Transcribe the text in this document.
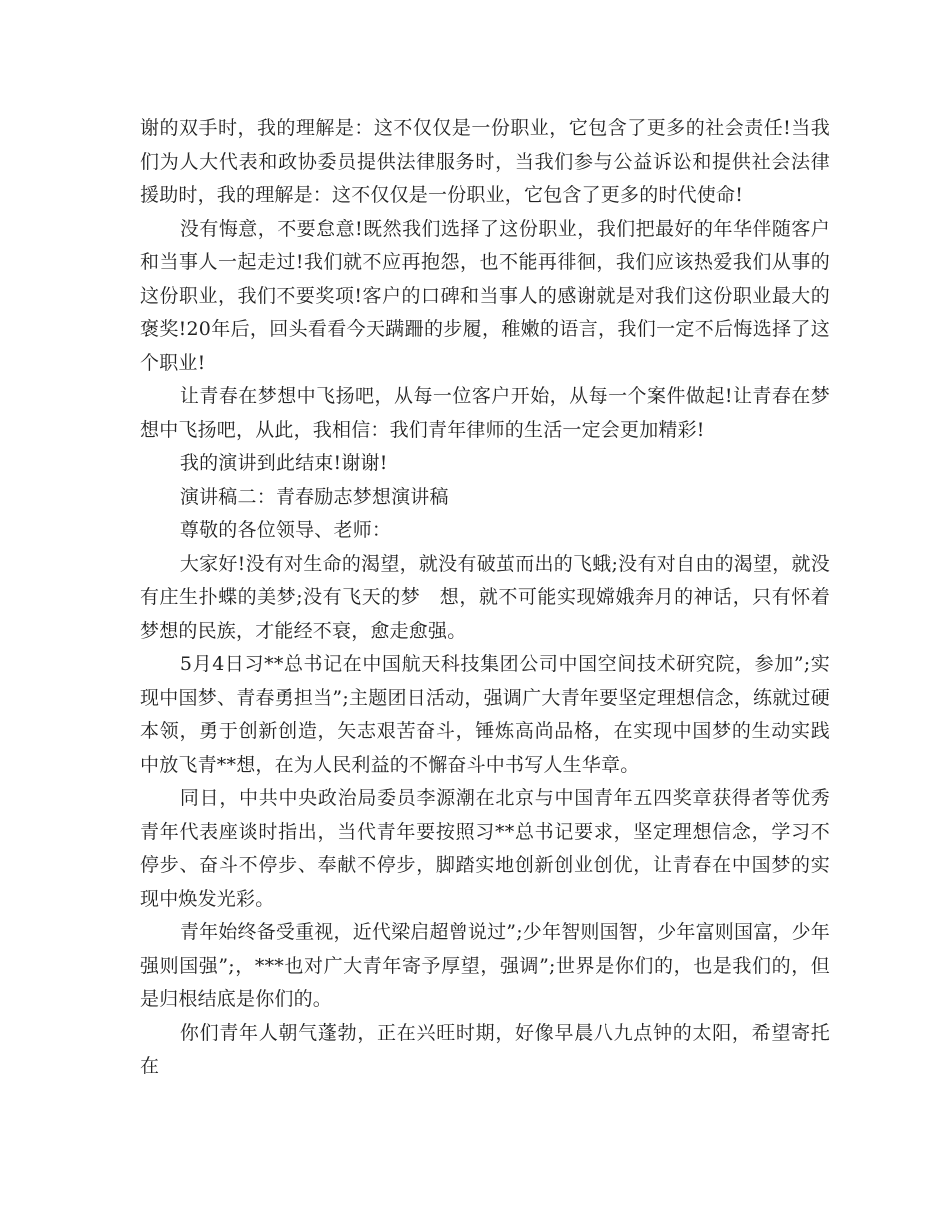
谢的双手时，我的理解是：这不仅仅是一份职业，它包含了更多的社会责任!当我们为人大代表和政协委员提供法律服务时，当我们参与公益诉讼和提供社会法律援助时，我的理解是：这不仅仅是一份职业，它包含了更多的时代使命!

没有悔意，不要怠意!既然我们选择了这份职业，我们把最好的年华伴随客户和当事人一起走过!我们就不应再抱怨，也不能再徘徊，我们应该热爱我们从事的这份职业，我们不要奖项!客户的口碑和当事人的感谢就是对我们这份职业最大的褒奖!20年后，回头看看今天蹒跚的步履，稚嫩的语言，我们一定不后悔选择了这个职业!

让青春在梦想中飞扬吧，从每一位客户开始，从每一个案件做起!让青春在梦想中飞扬吧，从此，我相信：我们青年律师的生活一定会更加精彩!

我的演讲到此结束!谢谢!

演讲稿二：青春励志梦想演讲稿

尊敬的各位领导、老师：

大家好!没有对生命的渴望，就没有破茧而出的飞蛾;没有对自由的渴望，就没有庄生扑蝶的美梦;没有飞天的梦　想，就不可能实现嫦娥奔月的神话，只有怀着梦想的民族，才能经不衰，愈走愈强。

5月4日习**总书记在中国航天科技集团公司中国空间技术研究院，参加”;实现中国梦、青春勇担当”;主题团日活动，强调广大青年要坚定理想信念，练就过硬本领，勇于创新创造，矢志艰苦奋斗，锤炼高尚品格，在实现中国梦的生动实践中放飞青**想，在为人民利益的不懈奋斗中书写人生华章。

同日，中共中央政治局委员李源潮在北京与中国青年五四奖章获得者等优秀青年代表座谈时指出，当代青年要按照习**总书记要求，坚定理想信念，学习不停步、奋斗不停步、奉献不停步，脚踏实地创新创业创优，让青春在中国梦的实现中焕发光彩。

青年始终备受重视，近代梁启超曾说过”;少年智则国智，少年富则国富，少年强则国强”;，***也对广大青年寄予厚望，强调”;世界是你们的，也是我们的，但是归根结底是你们的。

你们青年人朝气蓬勃，正在兴旺时期，好像早晨八九点钟的太阳，希望寄托在
